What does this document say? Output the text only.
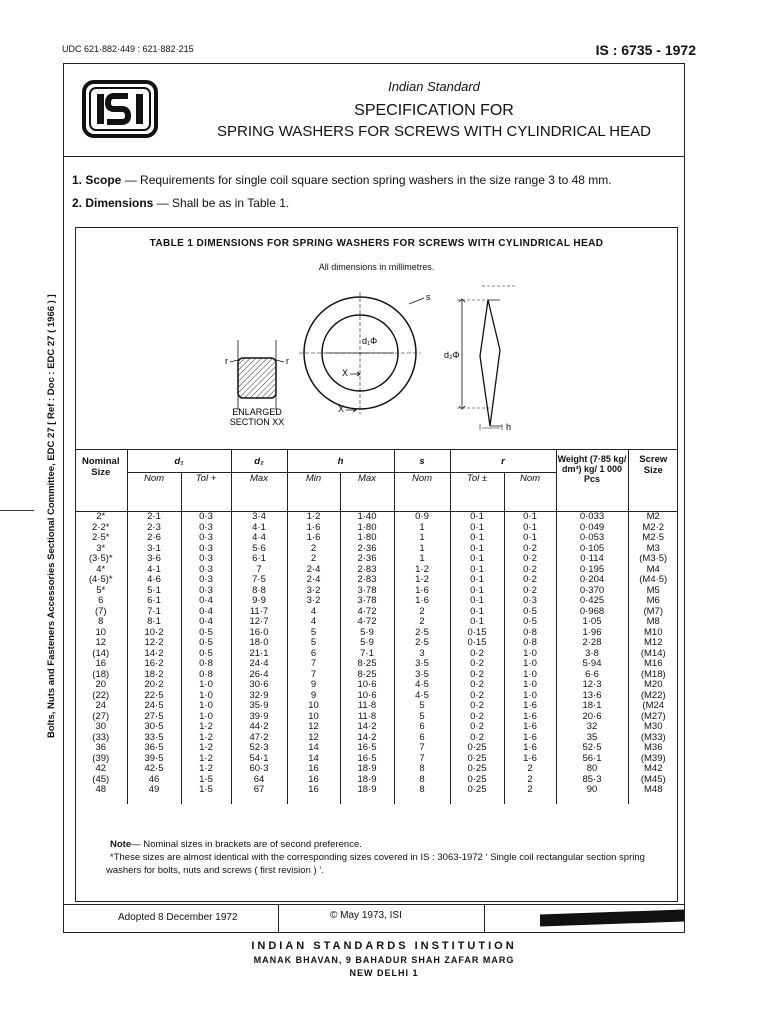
UDC 621·882·449 : 621·882·215	IS : 6735 - 1972
Indian Standard
SPECIFICATION FOR
SPRING WASHERS FOR SCREWS WITH CYLINDRICAL HEAD
1. Scope — Requirements for single coil square section spring washers in the size range 3 to 48 mm.
2. Dimensions — Shall be as in Table 1.
Bolts, Nuts and Fasteners Accessories Sectional Committee, EDC 27 [ Ref : Doc : EDC 27 ( 1966 ) ]
TABLE 1 DIMENSIONS FOR SPRING WASHERS FOR SCREWS WITH CYLINDRICAL HEAD
All dimensions in millimetres.
r	r
ENLARGED
SECTION XX
s
d₁Φ
X
X
d₂Φ
h
Nominal Size	d₁		d₂	h		s	r		Weight (7·85 kg/ dm³) kg/ 1 000 Pcs	Screw Size
	Nom	Tol +	Max	Min	Max	Nom	Tol ±	Nom		
2*	2·1	0·3	3·4	1·2	1·40	0·9	0·1	0·1	0·033	M2
2·2*	2·3	0·3	4·1	1·6	1·80	1	0·1	0·1	0·049	M2·2
2·5*	2·6	0·3	4·4	1·6	1·80	1	0·1	0·1	0·053	M2·5
3*	3·1	0·3	5·6	2	2·36	1	0·1	0·2	0·105	M3
(3·5)*	3·6	0·3	6·1	2	2·36	1	0·1	0·2	0·114	(M3·5)
4*	4·1	0·3	7	2·4	2·83	1·2	0·1	0·2	0·195	M4
(4·5)*	4·6	0·3	7·5	2·4	2·83	1·2	0·1	0·2	0·204	(M4·5)
5*	5·1	0·3	8·8	3·2	3·78	1·6	0·1	0·2	0·370	M5
6	6·1	0·4	9·9	3·2	3·78	1·6	0·1	0·3	0·425	M6
(7)	7·1	0·4	11·7	4	4·72	2	0·1	0·5	0·968	(M7)
8	8·1	0·4	12·7	4	4·72	2	0·1	0·5	1·05	M8
10	10·2	0·5	16·0	5	5·9	2·5	0·15	0·8	1·96	M10
12	12·2	0·5	18·0	5	5·9	2·5	0·15	0·8	2·28	M12
(14)	14·2	0·5	21·1	6	7·1	3	0·2	1·0	3·8	(M14)
16	16·2	0·8	24·4	7	8·25	3·5	0·2	1·0	5·94	M16
(18)	18·2	0·8	26·4	7	8·25	3·5	0·2	1·0	6·6	(M18)
20	20·2	1·0	30·6	9	10·6	4·5	0·2	1·0	12·3	M20
(22)	22·5	1·0	32·9	9	10·6	4·5	0·2	1·0	13·6	(M22)
24	24·5	1·0	35·9	10	11·8	5	0·2	1·6	18·1	(M24
(27)	27·5	1·0	39·9	10	11·8	5	0·2	1·6	20·6	(M27)
30	30·5	1·2	44·2	12	14·2	6	0·2	1·6	32	M30
(33)	33·5	1·2	47·2	12	14·2	6	0·2	1·6	35	(M33)
36	36·5	1·2	52·3	14	16·5	7	0·25	1·6	52·5	M36
(39)	39·5	1·2	54·1	14	16·5	7	0·25	1·6	56·1	(M39)
42	42·5	1·2	60·3	16	18·9	8	0·25	2	80	M42
(45)	46	1·5	64	16	18·9	8	0·25	2	85·3	(M45)
48	49	1·5	67	16	18·9	8	0·25	2	90	M48

Note— Nominal sizes in brackets are of second preference.
*These sizes are almost identical with the corresponding sizes covered in IS : 3063-1972 ‘ Single coil rectangular section spring washers for bolts, nuts and screws ( first revision ) ’.
Adopted 8 December 1972	© May 1973, ISI
INDIAN STANDARDS INSTITUTION
MANAK BHAVAN, 9 BAHADUR SHAH ZAFAR MARG
NEW DELHI 1
